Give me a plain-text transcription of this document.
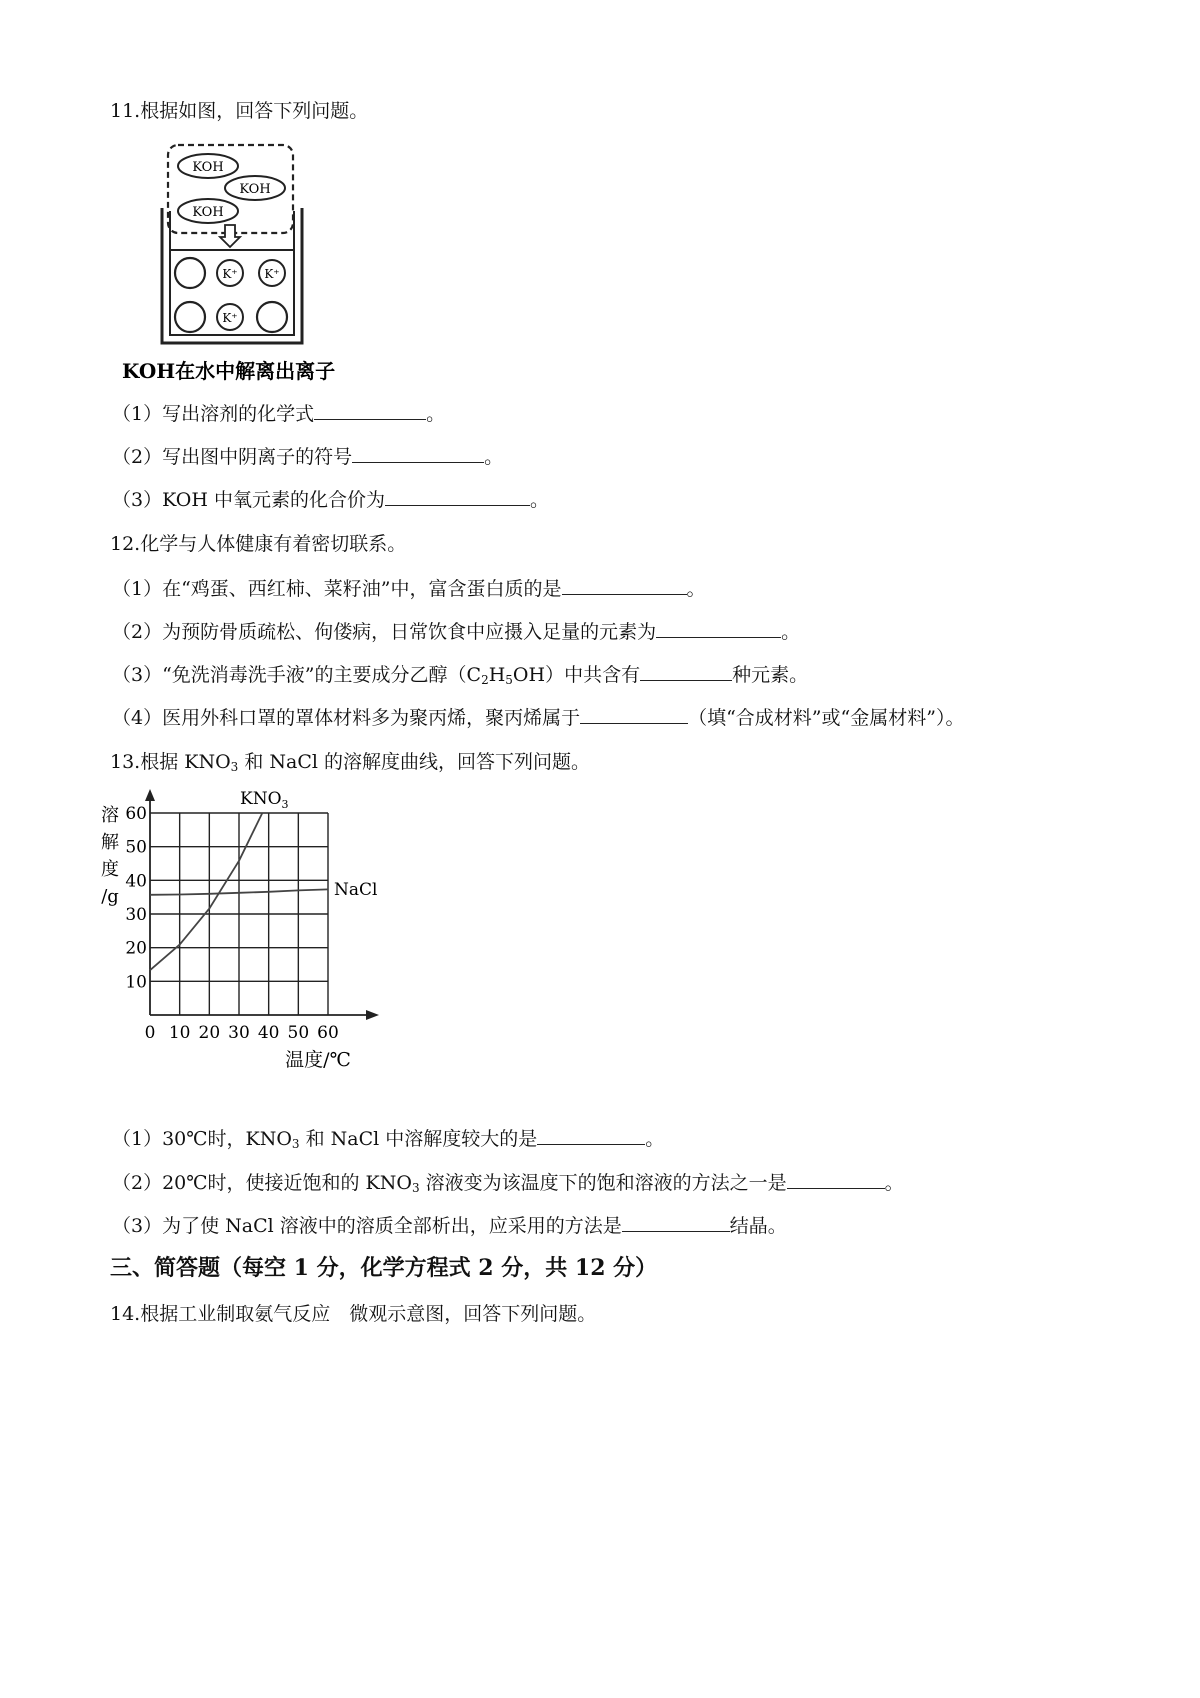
11.根据如图，回答下列问题。
KOH
KOH
KOH
K⁺ K⁺
K⁺
KOH在水中解离出离子
（1）写出溶剂的化学式	。
（2）写出图中阴离子的符号	。
（3）KOH 中氧元素的化合价为	。
12.化学与人体健康有着密切联系。
（1）在“鸡蛋、西红柿、菜籽油”中，富含蛋白质的是	。
（2）为预防骨质疏松、佝偻病，日常饮食中应摄入足量的元素为	。
（3）“免洗消毒洗手液”的主要成分乙醇$(C_2H_5OH)$中共含有	种元素。
（4）医用外科口罩的罩体材料多为聚丙烯，聚丙烯属于	（填“合成材料”或“金属材料”）。
13.根据 $KNO_3$ 和 NaCl 的溶解度曲线，回答下列问题。
0 10 20 30 40 50 60
10
20
30
40
50
60
溶
解
度
/g
温度/℃
$KNO_3$
NaCl
（1）30℃时，$KNO_3$ 和 NaCl 中溶解度较大的是	。
（2）20℃时，使接近饱和的 $KNO_3$ 溶液变为该温度下的饱和溶液的方法之一是	。
（3）为了使 NaCl 溶液中的溶质全部析出，应采用的方法是	结晶。
三、简答题（每空 1 分，化学方程式 2 分，共 12 分）
14.根据工业制取氨气反应　微观示意图，回答下列问题。
